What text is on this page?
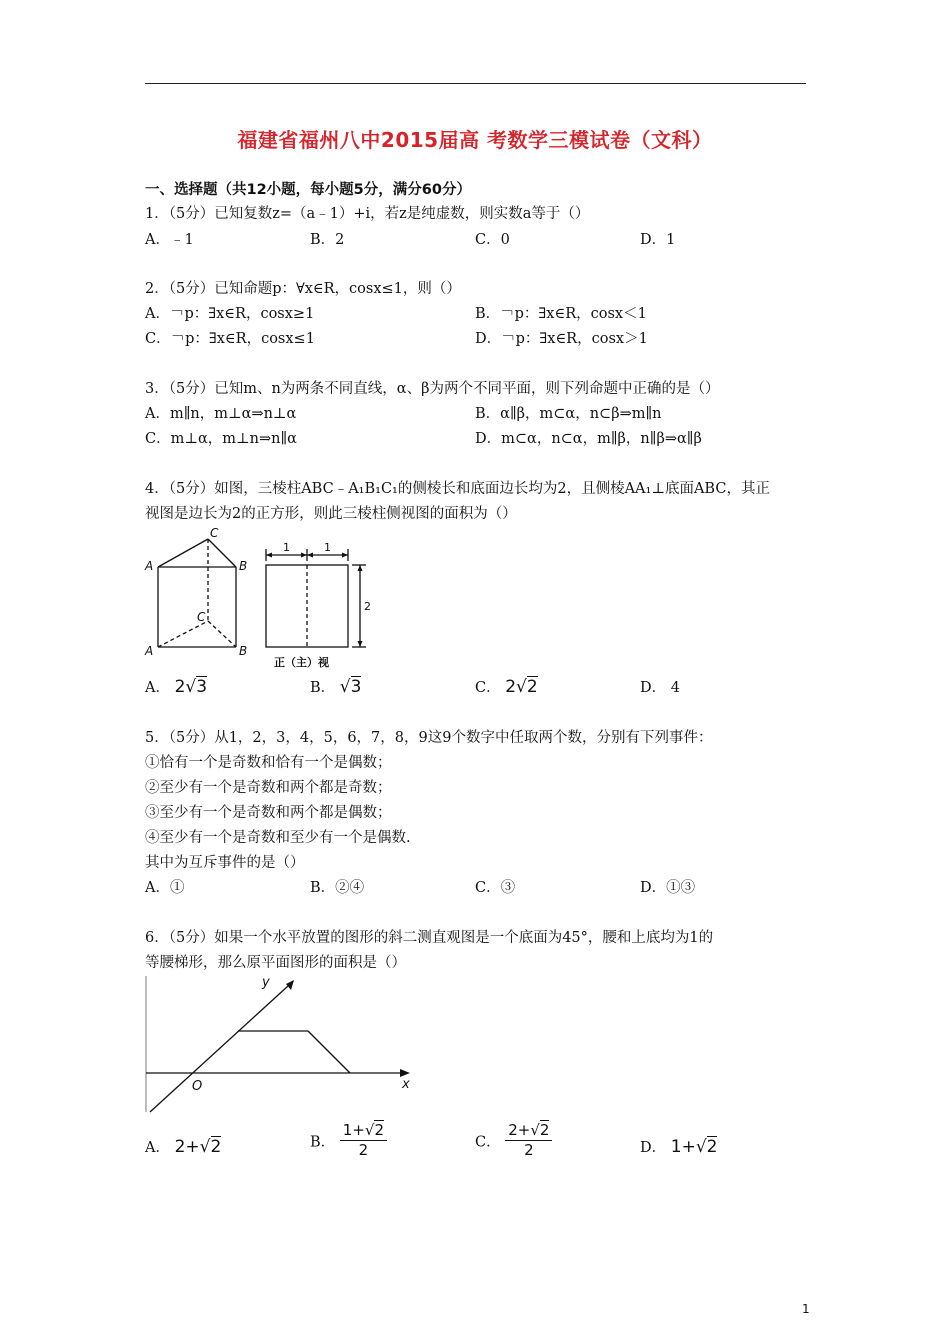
福建省福州八中2015届高 考数学三模试卷（文科）
一、选择题（共12小题，每小题5分，满分60分）
1．（5分）已知复数z=（a﹣1）+i，若z是纯虚数，则实数a等于（）
A．﹣1	B．2	C．0	D．1
2．（5分）已知命题p：∀x∈R，cosx≤1，则（）
A．￢p：∃x∈R，cosx≥1	B．￢p：∃x∈R，cosx＜1
C．￢p：∃x∈R，cosx≤1	D．￢p：∃x∈R，cosx＞1
3．（5分）已知m、n为两条不同直线，α、β为两个不同平面，则下列命题中正确的是（）
A．m∥n，m⊥α⇒n⊥α	B．α∥β，m⊂α，n⊂β⇒m∥n
C．m⊥α，m⊥n⇒n∥α	D．m⊂α，n⊂α，m∥β，n∥β⇒α∥β
4．（5分）如图，三棱柱ABC﹣A₁B₁C₁的侧棱长和底面边长均为2，且侧棱AA₁⊥底面ABC，其正
视图是边长为2的正方形，则此三棱柱侧视图的面积为（）
C
A	B
C
A	B
1	1
2
正（主）视
A． 2√3	B． √3	C． 2√2	D． 4
5．（5分）从1，2，3，4，5，6，7，8，9这9个数字中任取两个数，分别有下列事件：
①恰有一个是奇数和恰有一个是偶数；
②至少有一个是奇数和两个都是奇数；
③至少有一个是奇数和两个都是偶数；
④至少有一个是奇数和至少有一个是偶数.
其中为互斥事件的是（）
A．①	B．②④	C．③	D．①③
6．（5分）如果一个水平放置的图形的斜二测直观图是一个底面为45°，腰和上底均为1的
等腰梯形，那么原平面图形的面积是（）
y
x
O
A． 2+√2	B． $\frac{1+√2}{2}$	C． $\frac{2+√2}{2}$	D． 1+√2
1
